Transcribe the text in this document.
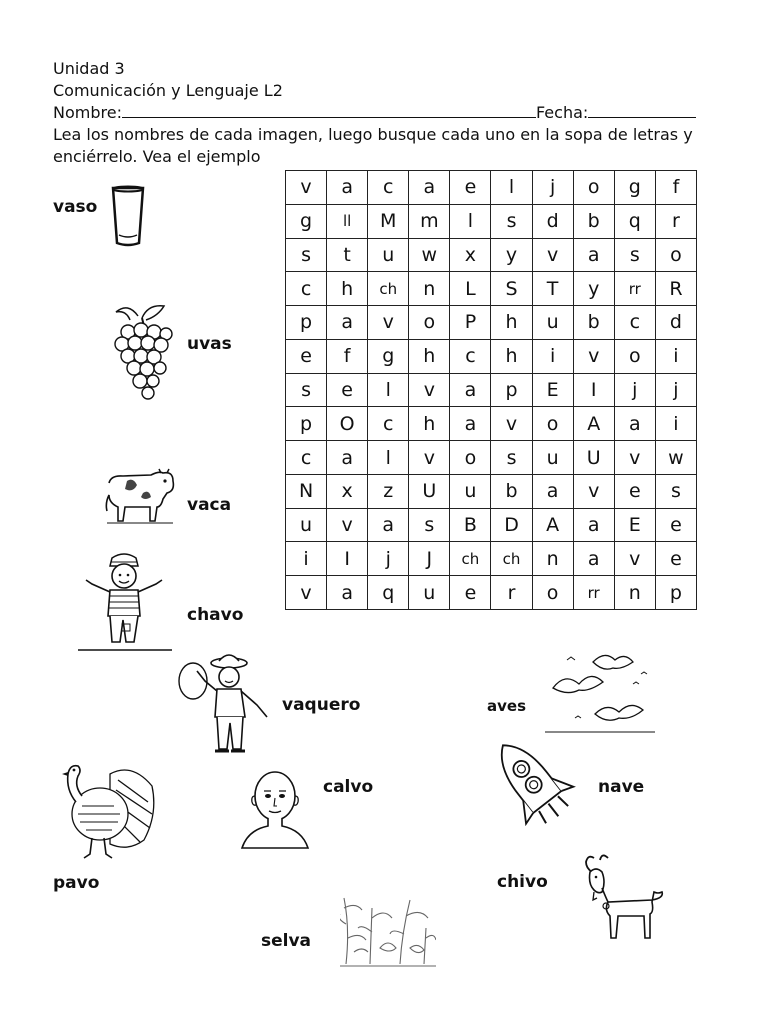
Unidad 3
Comunicación y Lenguaje L2
Nombre:	Fecha:
Lea los nombres de cada imagen, luego busque cada uno en la sopa de letras y enciérrelo. Vea el ejemplo
v	a	c	a	e	l	j	o	g	f
g	ll	M	m	l	s	d	b	q	r
s	t	u	w	x	y	v	a	s	o
c	h	ch	n	L	S	T	y	rr	R
p	a	v	o	P	h	u	b	c	d
e	f	g	h	c	h	i	v	o	i
s	e	l	v	a	p	E	I	j	j
p	O	c	h	a	v	o	A	a	i
c	a	l	v	o	s	u	U	v	w
N	x	z	U	u	b	a	v	e	s
u	v	a	s	B	D	A	a	E	e
i	I	j	J	ch	ch	n	a	v	e
v	a	q	u	e	r	o	rr	n	p
vaso
uvas
vaca
chavo
vaquero	aves
calvo	nave
pavo	chivo
selva
